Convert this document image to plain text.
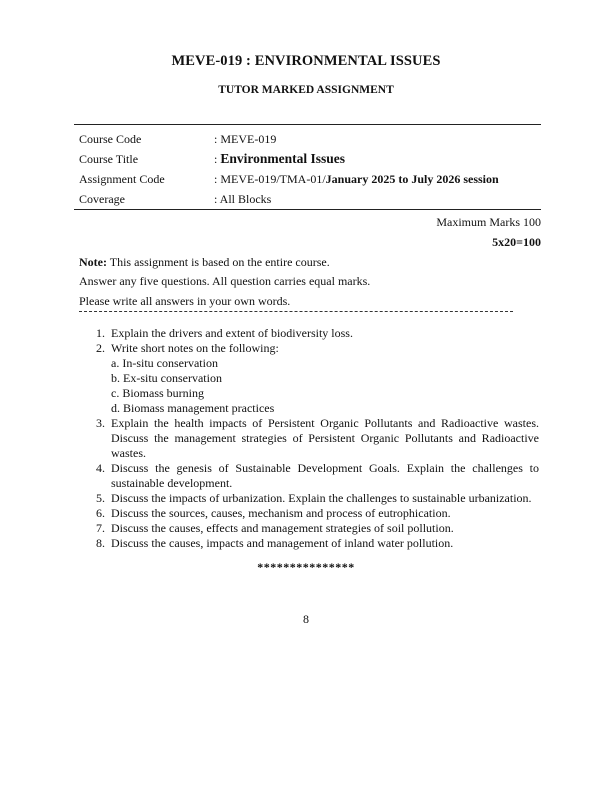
MEVE-019 : ENVIRONMENTAL ISSUES
TUTOR MARKED ASSIGNMENT
Course Code	: MEVE-019
Course Title	: Environmental Issues
Assignment Code	: MEVE-019/TMA-01/January 2025 to July 2026 session
Coverage	: All Blocks
Maximum Marks 100
5x20=100
Note: This assignment is based on the entire course.
Answer any five questions. All question carries equal marks.
Please write all answers in your own words.
1. Explain the drivers and extent of biodiversity loss.
2. Write short notes on the following:
a. In-situ conservation
b. Ex-situ conservation
c. Biomass burning
d. Biomass management practices
3. Explain the health impacts of Persistent Organic Pollutants and Radioactive wastes. Discuss the management strategies of Persistent Organic Pollutants and Radioactive wastes.
4. Discuss the genesis of Sustainable Development Goals. Explain the challenges to sustainable development.
5. Discuss the impacts of urbanization. Explain the challenges to sustainable urbanization.
6. Discuss the sources, causes, mechanism and process of eutrophication.
7. Discuss the causes, effects and management strategies of soil pollution.
8. Discuss the causes, impacts and management of inland water pollution.
***************
8
